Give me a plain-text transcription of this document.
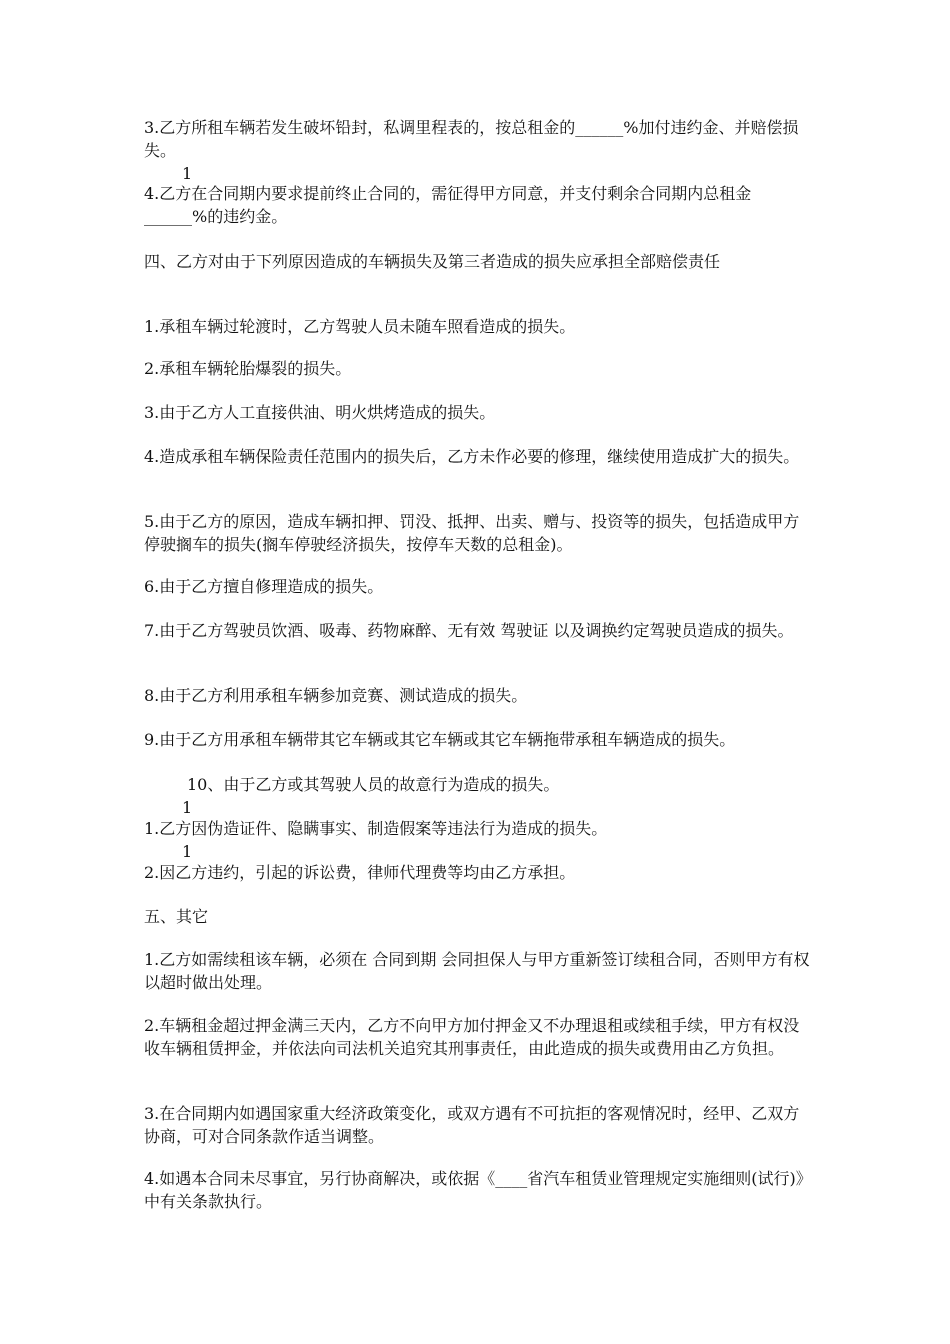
3.乙方所租车辆若发生破坏铅封，私调里程表的，按总租金的______%加付违约金、并赔偿损失。

1

4.乙方在合同期内要求提前终止合同的，需征得甲方同意，并支付剩余合同期内总租金______%的违约金。

四、乙方对由于下列原因造成的车辆损失及第三者造成的损失应承担全部赔偿责任

1.承租车辆过轮渡时，乙方驾驶人员未随车照看造成的损失。

2.承租车辆轮胎爆裂的损失。

3.由于乙方人工直接供油、明火烘烤造成的损失。

4.造成承租车辆保险责任范围内的损失后，乙方未作必要的修理，继续使用造成扩大的损失。

5.由于乙方的原因，造成车辆扣押、罚没、抵押、出卖、赠与、投资等的损失，包括造成甲方停驶搁车的损失(搁车停驶经济损失，按停车天数的总租金)。

6.由于乙方擅自修理造成的损失。

7.由于乙方驾驶员饮酒、吸毒、药物麻醉、无有效 驾驶证 以及调换约定驾驶员造成的损失。

8.由于乙方利用承租车辆参加竞赛、测试造成的损失。

9.由于乙方用承租车辆带其它车辆或其它车辆或其它车辆拖带承租车辆造成的损失。

10、由于乙方或其驾驶人员的故意行为造成的损失。

1

1.乙方因伪造证件、隐瞒事实、制造假案等违法行为造成的损失。

1

2.因乙方违约，引起的诉讼费，律师代理费等均由乙方承担。

五、其它

1.乙方如需续租该车辆，必须在 合同到期 会同担保人与甲方重新签订续租合同，否则甲方有权以超时做出处理。

2.车辆租金超过押金满三天内，乙方不向甲方加付押金又不办理退租或续租手续，甲方有权没收车辆租赁押金，并依法向司法机关追究其刑事责任，由此造成的损失或费用由乙方负担。

3.在合同期内如遇国家重大经济政策变化，或双方遇有不可抗拒的客观情况时，经甲、乙双方协商，可对合同条款作适当调整。

4.如遇本合同未尽事宜，另行协商解决，或依据《____省汽车租赁业管理规定实施细则(试行)》中有关条款执行。
